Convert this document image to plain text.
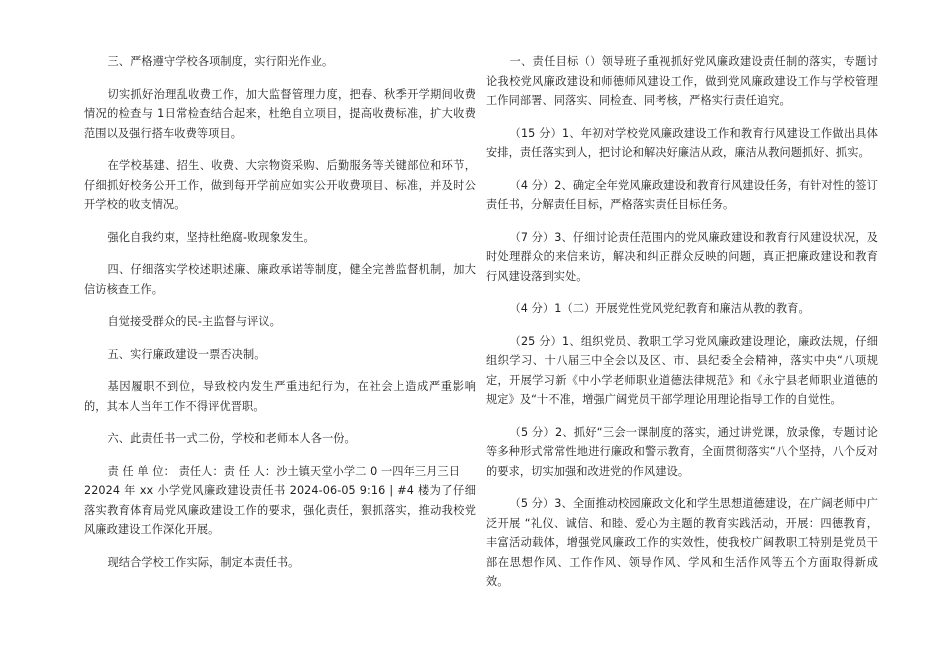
三、严格遵守学校各项制度，实行阳光作业。

切实抓好治理乱收费工作，加大监督管理力度，把春、秋季开学期间收费情况的检查与 1日常检查结合起来，杜绝自立项目，提高收费标准，扩大收费范围以及强行搭车收费等项目。

在学校基建、招生、收费、大宗物资采购、后勤服务等关键部位和环节，仔细抓好校务公开工作，做到每开学前应如实公开收费项目、标准，并及时公开学校的收支情况。

强化自我约束，坚持杜绝腐-败现象发生。

四、仔细落实学校述职述廉、廉政承诺等制度，健全完善监督机制，加大信访核查工作。

自觉接受群众的民-主监督与评议。

五、实行廉政建设一票否决制。

基因履职不到位，导致校内发生严重违纪行为，在社会上造成严重影响的，其本人当年工作不得评优晋职。

六、此责任书一式二份，学校和老师本人各一份。

责 任 单 位： 责任人：责 任 人：沙土镇天堂小学二 0 一四年三月三日

22024 年 xx 小学党风廉政建设责任书 2024-06-05 9:16 | #4 楼为了仔细落实教育体育局党风廉政建设工作的要求，强化责任，狠抓落实，推动我校党风廉政建设工作深化开展。

现结合学校工作实际，制定本责任书。

一、责任目标（）领导班子重视抓好党风廉政建设责任制的落实，专题讨论我校党风廉政建设和师德师风建设工作，做到党风廉政建设工作与学校管理工作同部署、同落实、同检查、同考核，严格实行责任追究。

（15 分）1、年初对学校党风廉政建设工作和教育行风建设工作做出具体安排，责任落实到人，把讨论和解决好廉洁从政，廉洁从教问题抓好、抓实。

（4 分）2、确定全年党风廉政建设和教育行风建设任务，有针对性的签订责任书，分解责任目标，严格落实责任目标任务。

（7 分）3、仔细讨论责任范围内的党风廉政建设和教育行风建设状况，及时处理群众的来信来访，解决和纠正群众反映的问题，真正把廉政建设和教育行风建设落到实处。

（4 分）1（二）开展党性党风党纪教育和廉洁从教的教育。

（25 分）1、组织党员、教职工学习党风廉政建设理论，廉政法规，仔细组织学习、十八届三中全会以及区、市、县纪委全会精神，落实中央“八项规定，开展学习新《中小学老师职业道德法律规范》和《永宁县老师职业道德的规定》及“十不准，增强广阔党员干部学理论用理论指导工作的自觉性。

（5 分）2、抓好“三会一课制度的落实，通过讲党课，放录像，专题讨论等多种形式常常性地进行廉政和警示教育，全面贯彻落实“八个坚持，八个反对的要求，切实加强和改进党的作风建设。

（5 分）3、全面推动校园廉政文化和学生思想道德建设，在广阔老师中广泛开展 “礼仪、诚信、和睦、爱心为主题的教育实践活动，开展：四德教育，丰富活动载体，增强党风廉政工作的实效性，使我校广阔教职工特别是党员干部在思想作风、工作作风、领导作风、学风和生活作风等五个方面取得新成效。
